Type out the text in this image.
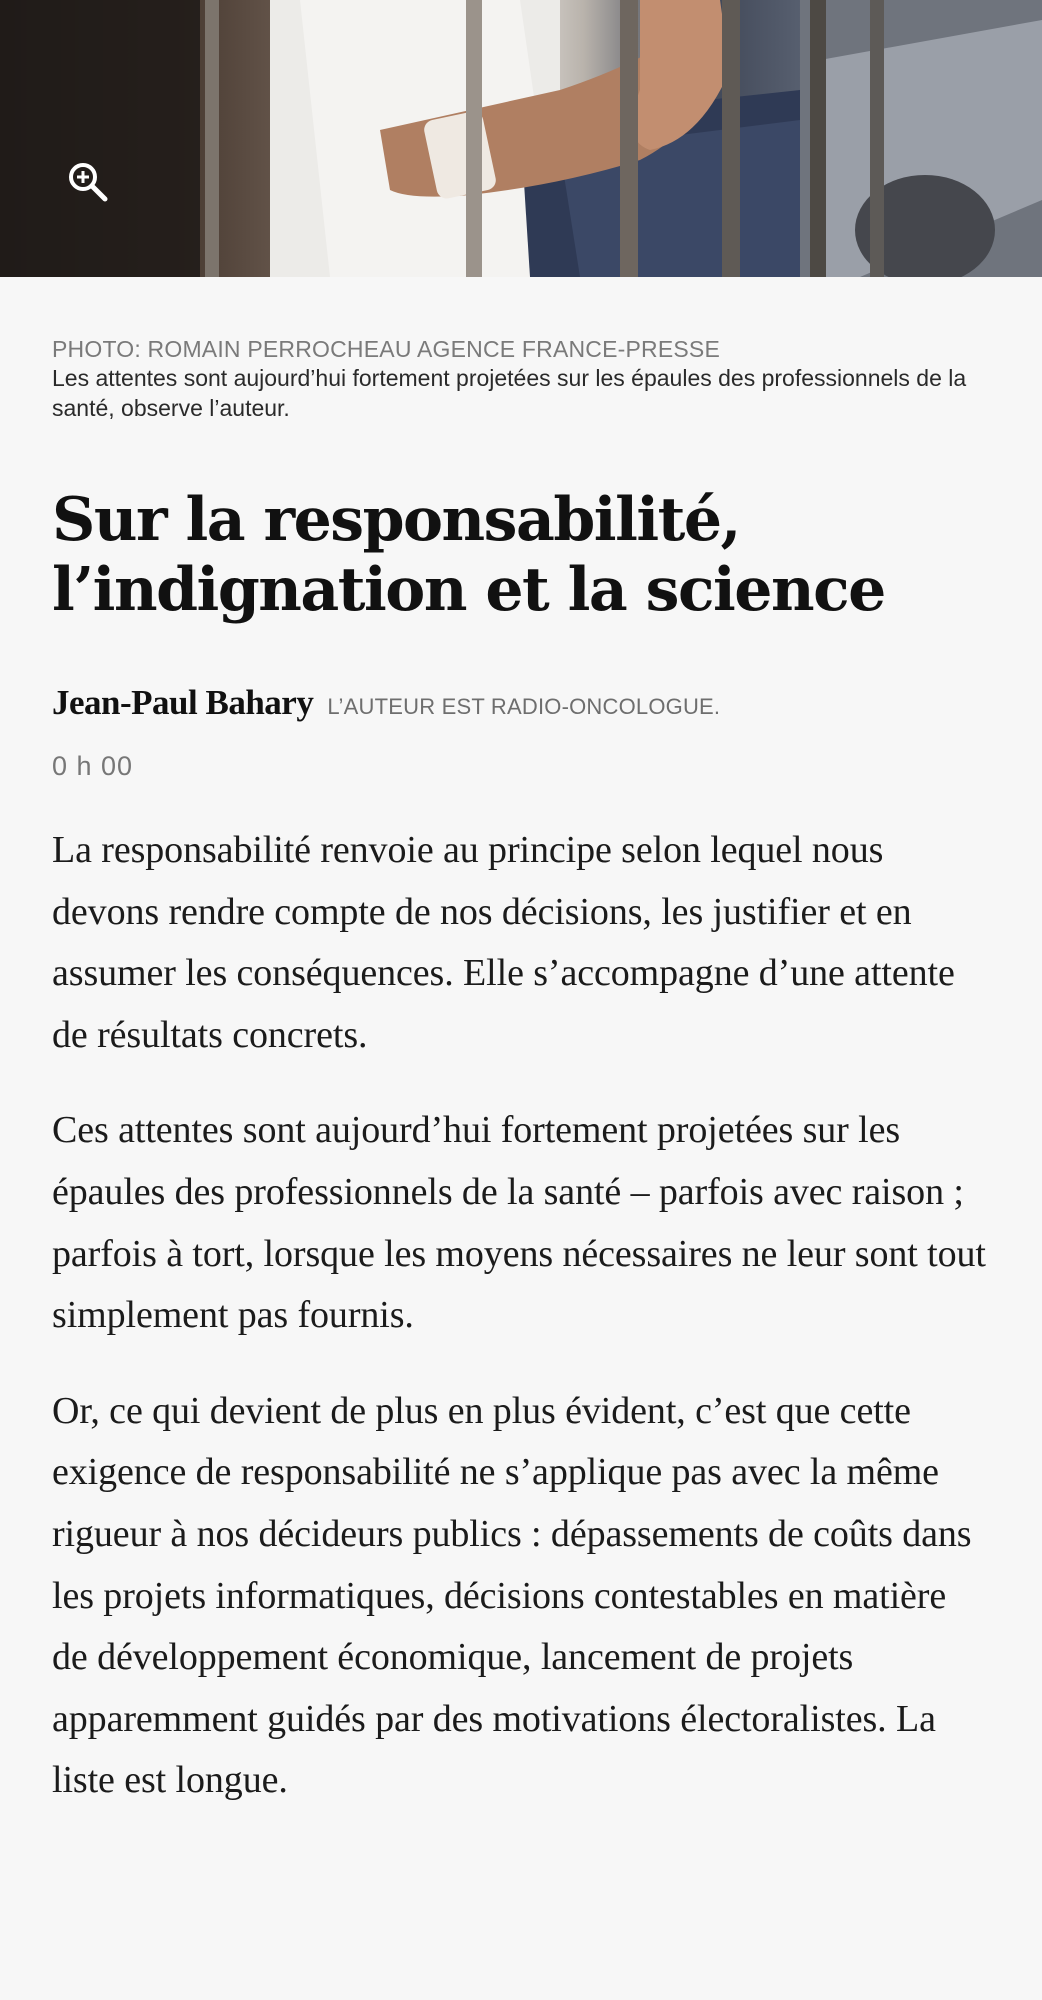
PHOTO: ROMAIN PERROCHEAU AGENCE FRANCE-PRESSE
Les attentes sont aujourd’hui fortement projetées sur les épaules des professionnels de la santé, observe l’auteur.
Sur la responsabilité, l’indignation et la science
Jean-Paul Bahary L’AUTEUR EST RADIO-ONCOLOGUE.
0 h 00

La responsabilité renvoie au principe selon lequel nous devons rendre compte de nos décisions, les justifier et en assumer les conséquences. Elle s’accompagne d’une attente de résultats concrets.

Ces attentes sont aujourd’hui fortement projetées sur les épaules des professionnels de la santé – parfois avec raison ; parfois à tort, lorsque les moyens nécessaires ne leur sont tout simplement pas fournis.

Or, ce qui devient de plus en plus évident, c’est que cette exigence de responsabilité ne s’applique pas avec la même rigueur à nos décideurs publics : dépassements de coûts dans les projets informatiques, décisions contestables en matière de développement économique, lancement de projets apparemment guidés par des motivations électoralistes. La liste est longue.
